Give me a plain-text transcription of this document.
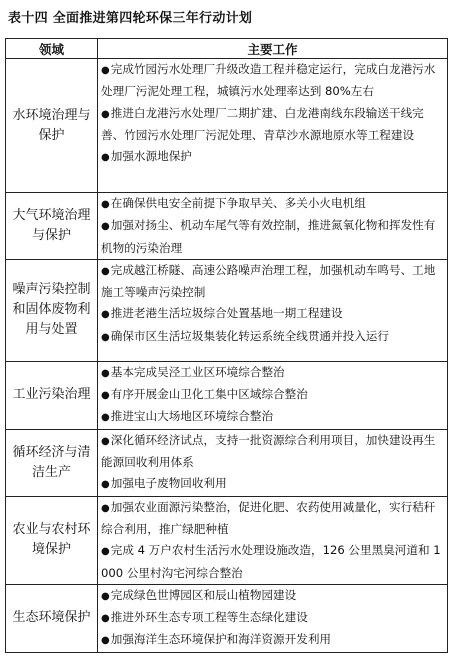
表十四 全面推进第四轮环保三年行动计划
领域	主要工作
水环境治理与保护	●完成竹园污水处理厂升级改造工程并稳定运行，完成白龙港污水处理厂污泥处理工程，城镇污水处理率达到 80%左右
●推进白龙港污水处理厂二期扩建、白龙港南线东段输送干线完善、竹园污水处理厂污泥处理、青草沙水源地原水等工程建设
●加强水源地保护

大气环境治理与保护	●在确保供电安全前提下争取早关、多关小火电机组
●加强对扬尘、机动车尾气等有效控制，推进氮氧化物和挥发性有机物的污染治理

噪声污染控制和固体废物利用与处置	●完成越江桥隧、高速公路噪声治理工程，加强机动车鸣号、工地施工等噪声污染控制
●推进老港生活垃圾综合处置基地一期工程建设
●确保市区生活垃圾集装化转运系统全线贯通并投入运行

工业污染治理	●基本完成吴泾工业区环境综合整治
●有序开展金山卫化工集中区域综合整治
●推进宝山大场地区环境综合整治

循环经济与清洁生产	●深化循环经济试点，支持一批资源综合利用项目，加快建设再生能源回收利用体系
●加强电子废物回收利用

农业与农村环境保护	●加强农业面源污染整治，促进化肥、农药使用减量化，实行秸秆综合利用，推广绿肥种植
●完成 4 万户农村生活污水处理设施改造，126 公里黑臭河道和 1000 公里村沟宅河综合整治

生态环境保护	●完成绿色世博园区和辰山植物园建设
●推进外环生态专项工程等生态绿化建设
●加强海洋生态环境保护和海洋资源开发利用
